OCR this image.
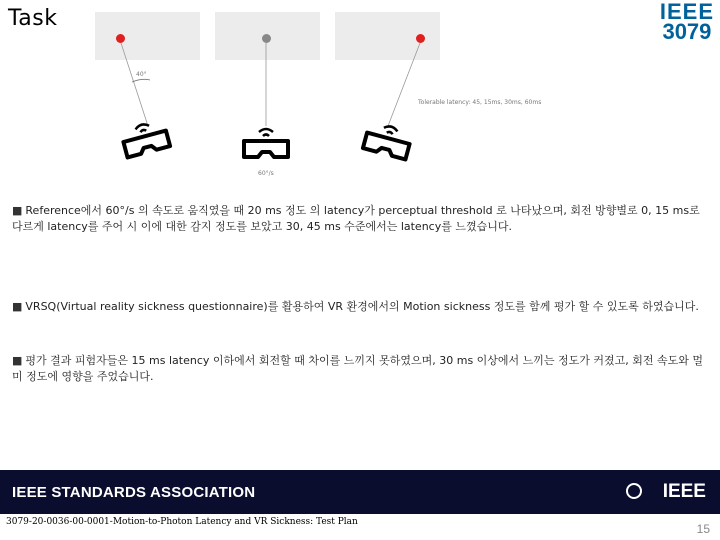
Task	IEEE
3079
40°
60°/s
Tolerable latency: 45, 15ms, 30ms, 60ms
■ Reference에서 60°/s 의 속도로 움직였을 때 20 ms 정도 의 latency가 perceptual threshold 로 나타났으며, 회전 방향별로 0, 15 ms로 다르게 latency를 주어 시 이에 대한 감지 정도를 보았고 30, 45 ms 수준에서는 latency를 느꼈습니다.
■ VRSQ(Virtual reality sickness questionnaire)를 활용하여 VR 환경에서의 Motion sickness 정도를 함께 평가 할 수 있도록 하였습니다.
■ 평가 결과 피험자들은 15 ms latency 이하에서 회전할 때 차이를 느끼지 못하였으며, 30 ms 이상에서 느끼는 정도가 커졌고, 회전 속도와 멀미 정도에 영향을 주었습니다.
IEEE STANDARDS ASSOCIATION	IEEE
3079-20-0036-00-0001-Motion-to-Photon Latency and VR Sickness: Test Plan	15
